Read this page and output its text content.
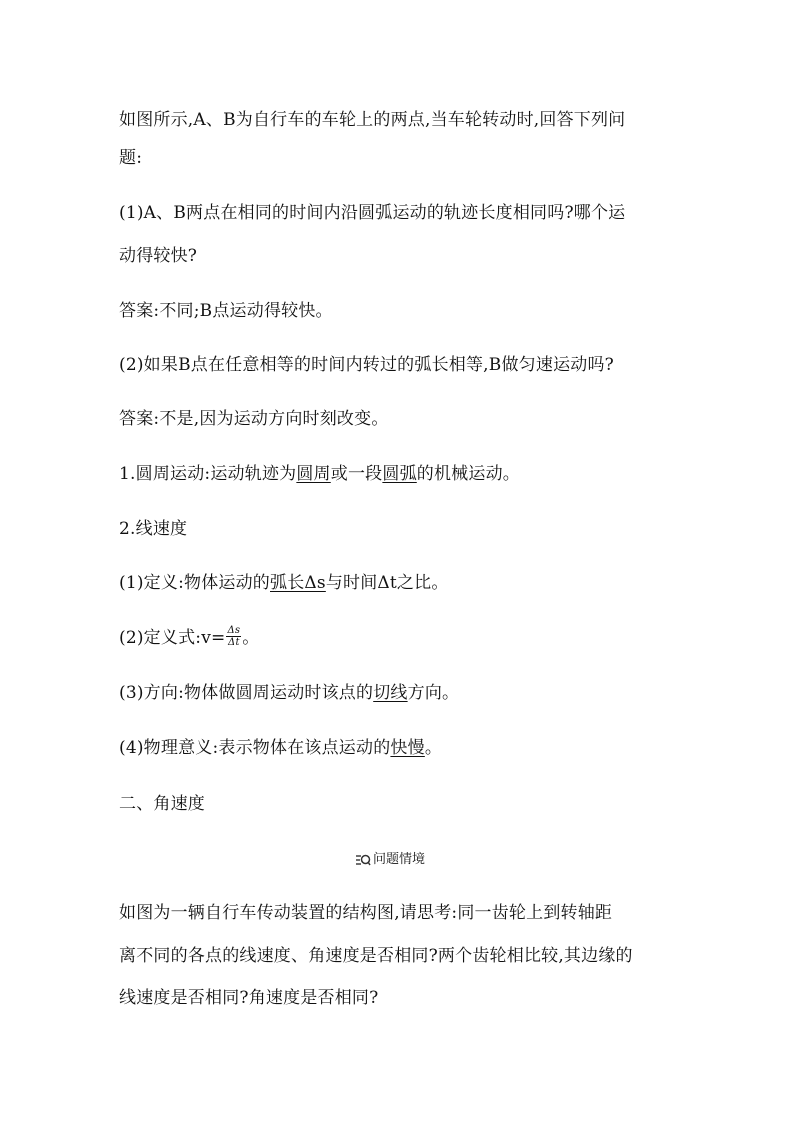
如图所示,A、B为自行车的车轮上的两点,当车轮转动时,回答下列问
题:
(1)A、B两点在相同的时间内沿圆弧运动的轨迹长度相同吗?哪个运
动得较快?
答案:不同;B点运动得较快。
(2)如果B点在任意相等的时间内转过的弧长相等,B做匀速运动吗?
答案:不是,因为运动方向时刻改变。
1.圆周运动:运动轨迹为圆周或一段圆弧的机械运动。
2.线速度
(1)定义:物体运动的弧长Δs与时间Δt之比。
(2)定义式:v= $\frac{\Delta s}{\Delta t}$ 。
(3)方向:物体做圆周运动时该点的切线方向。
(4)物理意义:表示物体在该点运动的快慢。
二、角速度
问题情境
如图为一辆自行车传动装置的结构图,请思考:同一齿轮上到转轴距
离不同的各点的线速度、角速度是否相同?两个齿轮相比较,其边缘的
线速度是否相同?角速度是否相同?
